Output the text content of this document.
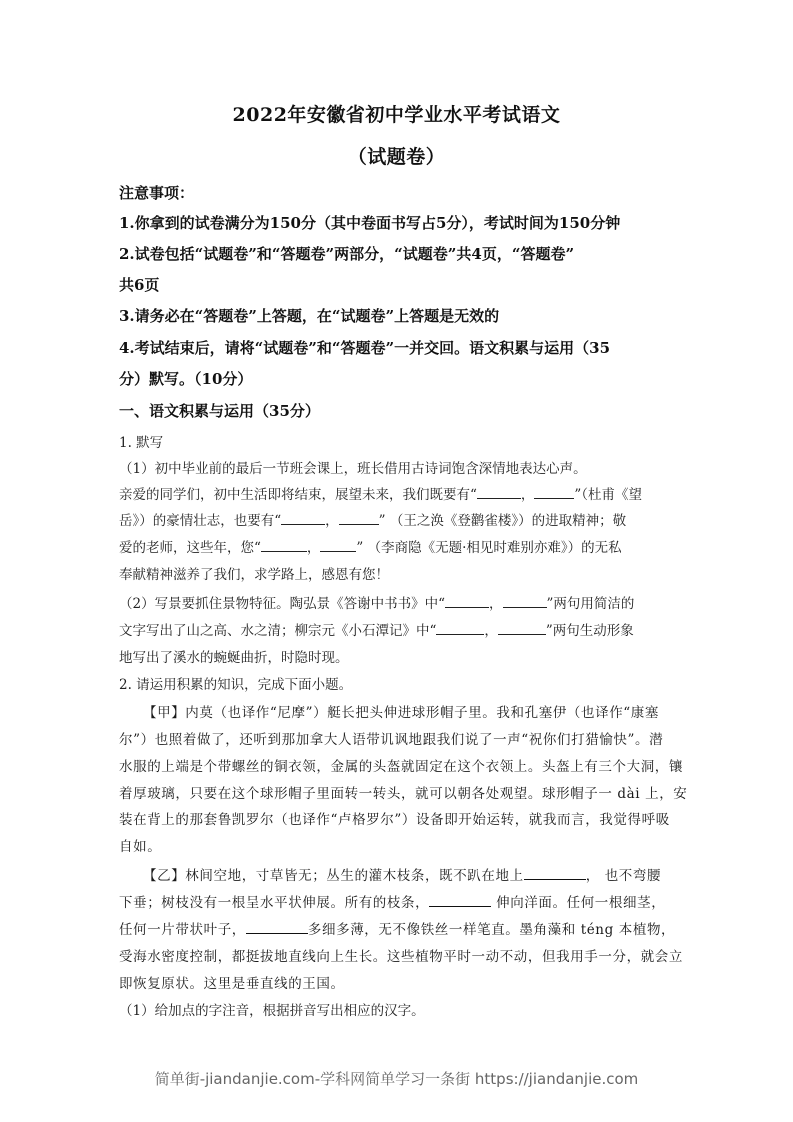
2022年安徽省初中学业水平考试语文
（试题卷）
注意事项：
1.你拿到的试卷满分为150分（其中卷面书写占5分），考试时间为150分钟
2.试卷包括“试题卷”和“答题卷”两部分，“试题卷”共4页，“答题卷”
共6页
3.请务必在“答题卷”上答题，在“试题卷”上答题是无效的
4.考试结束后，请将“试题卷”和“答题卷”一并交回。语文积累与运用（35
分）默写。（10分）
一、语文积累与运用（35分）
1. 默写
（1）初中毕业前的最后一节班会课上，班长借用古诗词饱含深情地表达心声。
亲爱的同学们，初中生活即将结束，展望未来，我们既要有“	，	”（杜甫《望
岳》）的豪情壮志，也要有“	，	” （王之涣《登鹳雀楼》）的进取精神；敬
爱的老师，这些年，您“	，	” （李商隐《无题·相见时难别亦难》）的无私
奉献精神滋养了我们，求学路上，感恩有您！
（2）写景要抓住景物特征。陶弘景《答谢中书书》中“	，	”两句用简洁的
文字写出了山之高、水之清；柳宗元《小石潭记》中“	，	”两句生动形象
地写出了溪水的蜿蜒曲折，时隐时现。
2. 请运用积累的知识，完成下面小题。
【甲】内莫（也译作“尼摩”）艇长把头伸进球形帽子里。我和孔塞伊（也译作“康塞
尔”）也照着做了，还听到那加拿大人语带讥讽地跟我们说了一声“祝你们打猎愉快”。潜
水服的上端是个带螺丝的铜衣领，金属的头盔就固定在这个衣领上。头盔上有三个大洞，镶
着厚玻璃，只要在这个球形帽子里面转一转头，就可以朝各处观望。球形帽子一 dài 上，安
装在背上的那套鲁凯罗尔（也译作“卢格罗尔”）设备即开始运转，就我而言，我觉得呼吸
自如。
【乙】林间空地，寸草皆无；丛生的灌木枝条，既不趴在地上	， 也不弯腰
下垂；树枝没有一根呈水平状伸展。所有的枝条，	伸向洋面。任何一根细茎，
任何一片带状叶子，	多细多薄，无不像铁丝一样笔直。墨角藻和 téng 本植物，
受海水密度控制，都挺拔地直线向上生长。这些植物平时一动不动，但我用手一分，就会立
即恢复原状。这里是垂直线的王国。
（1）给加点的字注音，根据拼音写出相应的汉字。
简单街-jiandanjie.com-学科网简单学习一条街 https://jiandanjie.com
